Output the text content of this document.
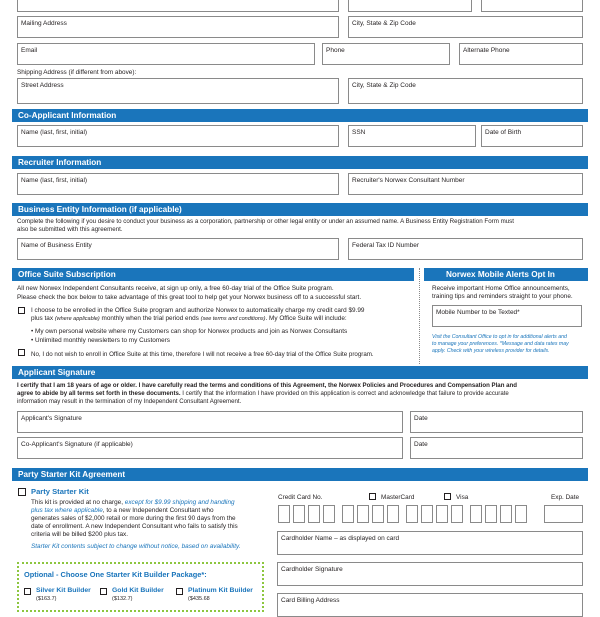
Mailing Address	City, State & Zip Code
Email	Phone	Alternate Phone
Shipping Address (if different from above):
Street Address	City, State & Zip Code
Co-Applicant Information
Name (last, first, initial)	SSN	Date of Birth
Recruiter Information
Name (last, first, initial)	Recruiter's Norwex Consultant Number
Business Entity Information (if applicable)
Complete the following if you desire to conduct your business as a corporation, partnership or other legal entity or under an assumed name. A Business Entity Registration Form must
also be submitted with this agreement.
Name of Business Entity	Federal Tax ID Number
Office Suite Subscription	Norwex Mobile Alerts Opt In
All new Norwex Independent Consultants receive, at sign up only, a free 60-day trial of the Office Suite program.
Please check the box below to take advantage of this great tool to help get your Norwex business off to a successful start.
I choose to be enrolled in the Office Suite program and authorize Norwex to automatically charge my credit card $9.99
plus tax (where applicable) monthly when the trial period ends (see terms and conditions). My Office Suite will include:
• My own personal website where my Customers can shop for Norwex products and join as Norwex Consultants
• Unlimited monthly newsletters to my Customers
No, I do not wish to enroll in Office Suite at this time, therefore I will not receive a free 60-day trial of the Office Suite program.
Receive important Home Office announcements,
training tips and reminders straight to your phone.
Mobile Number to be Texted*
Visit the Consultant Office to opt in for additional alerts and
to manage your preferences. *Message and data rates may
apply. Check with your wireless provider for details.
Applicant Signature
I certify that I am 18 years of age or older. I have carefully read the terms and conditions of this Agreement, the Norwex Policies and Procedures and Compensation Plan and
agree to abide by all terms set forth in these documents. I certify that the information I have provided on this application is correct and acknowledge that failure to provide accurate
information may result in the termination of my Independent Consultant Agreement.
Applicant's Signature	Date
Co-Applicant's Signature (if applicable)	Date
Party Starter Kit Agreement
Party Starter Kit
This kit is provided at no charge, except for $9.99 shipping and handling
plus tax where applicable, to a new Independent Consultant who
generates sales of $2,000 retail or more during the first 90 days from the
date of enrollment. A new Independent Consultant who fails to satisfy this
criteria will be billed $200 plus tax.
Starter Kit contents subject to change without notice, based on availability.
Credit Card No.	MasterCard	Visa	Exp. Date
Cardholder Name – as displayed on card
Cardholder Signature
Card Billing Address
Optional - Choose One Starter Kit Builder Package*:
Silver Kit Builder
($163.7)
Gold Kit Builder
($132.7)
Platinum Kit Builder
($435.68
